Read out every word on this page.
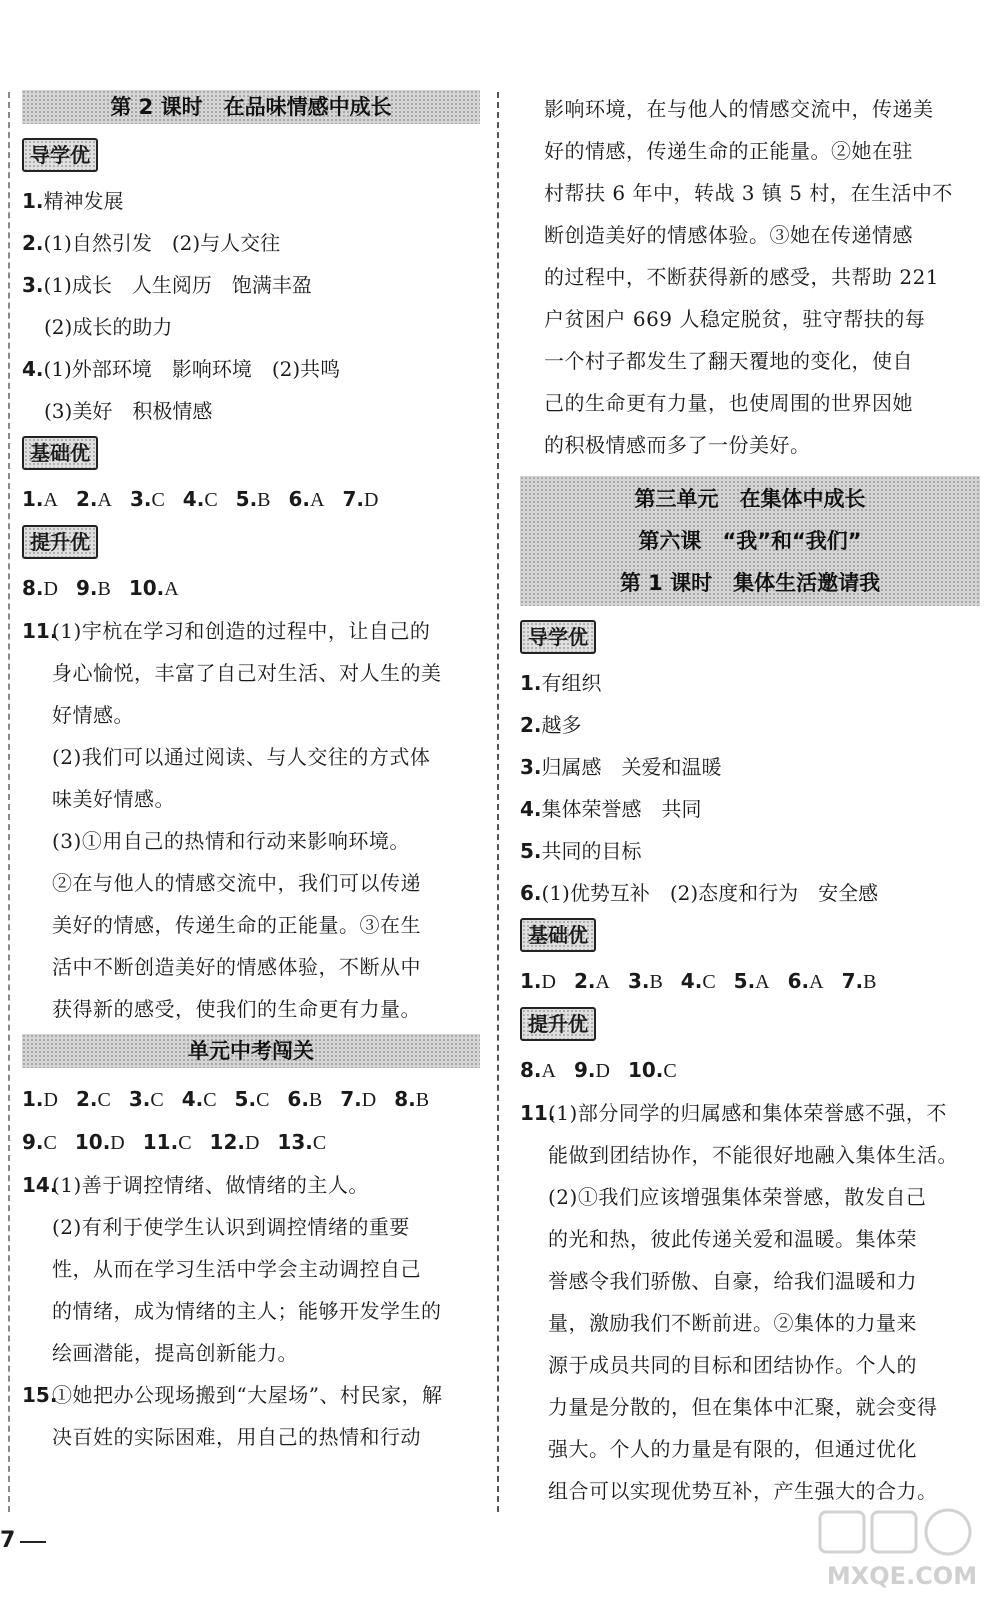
第 2 课时　在品味情感中成长
导学优
1.精神发展
2.(1)自然引发　(2)与人交往
3.(1)成长　人生阅历　饱满丰盈
(2)成长的助力
4.(1)外部环境　影响环境　(2)共鸣
(3)美好　积极情感
基础优
1.A 2.A 3.C 4.C 5.B 6.A 7.D
提升优
8.D 9.B 10.A
11.
(1)宇杭在学习和创造的过程中，让自己的
身心愉悦，丰富了自己对生活、对人生的美
好情感。
(2)我们可以通过阅读、与人交往的方式体
味美好情感。
(3)①用自己的热情和行动来影响环境。
②在与他人的情感交流中，我们可以传递
美好的情感，传递生命的正能量。③在生
活中不断创造美好的情感体验，不断从中
获得新的感受，使我们的生命更有力量。
单元中考闯关
1.D 2.C 3.C 4.C 5.C 6.B 7.D 8.B
9.C 10.D 11.C 12.D 13.C
14.
(1)善于调控情绪、做情绪的主人。
(2)有利于使学生认识到调控情绪的重要
性，从而在学习生活中学会主动调控自己
的情绪，成为情绪的主人；能够开发学生的
绘画潜能，提高创新能力。
15.
①她把办公现场搬到“大屋场”、村民家，解
决百姓的实际困难，用自己的热情和行动
影响环境，在与他人的情感交流中，传递美
好的情感，传递生命的正能量。②她在驻
村帮扶 6 年中，转战 3 镇 5 村，在生活中不
断创造美好的情感体验。③她在传递情感
的过程中，不断获得新的感受，共帮助 221
户贫困户 669 人稳定脱贫，驻守帮扶的每
一个村子都发生了翻天覆地的变化，使自
己的生命更有力量，也使周围的世界因她
的积极情感而多了一份美好。
第三单元　在集体中成长
第六课　“我”和“我们”
第 1 课时　集体生活邀请我
导学优
1.有组织
2.越多
3.归属感　关爱和温暖
4.集体荣誉感　共同
5.共同的目标
6.(1)优势互补　(2)态度和行为　安全感
基础优
1.D 2.A 3.B 4.C 5.A 6.A 7.B
提升优
8.A 9.D 10.C
11.
(1)部分同学的归属感和集体荣誉感不强，不
能做到团结协作，不能很好地融入集体生活。
(2)①我们应该增强集体荣誉感，散发自己
的光和热，彼此传递关爱和温暖。集体荣
誉感令我们骄傲、自豪，给我们温暖和力
量，激励我们不断前进。②集体的力量来
源于成员共同的目标和团结协作。个人的
力量是分散的，但在集体中汇聚，就会变得
强大。个人的力量是有限的，但通过优化
组合可以实现优势互补，产生强大的合力。
7
MXQE.COM
